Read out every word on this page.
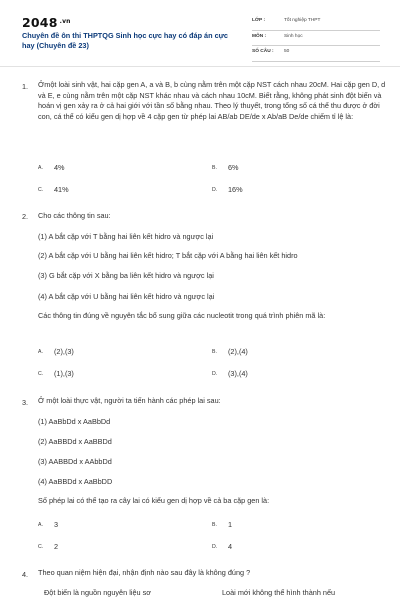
2048 $^{.vn}$
Chuyên đề ôn thi THPTQG Sinh học cực hay có đáp án cực hay (Chuyên đề 23)
LỚP :	Tốt nghiệp THPT
MÔN :	Sinh học
SỐ CÂU : 50
1. Ởmột loài sinh vật, hai cặp gen A, a và B, b cùng nằm trên một cặp NST cách nhau 20cM. Hai cặp gen D, d và E, e cùng nằm trên một cặp NST khác nhau và cách nhau 10cM. Biết rằng, không phát sinh đột biến và hoán vị gen xảy ra ở cả hai giới với tần số bằng nhau. Theo lý thuyết, trong tổng số cá thể thu được ở đời con, cá thể có kiểu gen dị hợp về 4 cặp gen từ phép lai AB/ab DE/de x Ab/aB De/de chiếm tỉ lệ là:
A. 4%	B. 6%
C. 41%	D. 16%
2. Cho các thông tin sau:
(1) A bắt cặp với T bằng hai liên kết hidro và ngược lại
(2) A bắt cặp với U bằng hai liên kết hidro; T bắt cặp với A bằng hai liên kết hidro
(3) G bắt cặp với X bằng ba liên kết hidro và ngược lại
(4) A bắt cặp với U bằng hai liên kết hidro và ngược lại
Các thông tin đúng về nguyên tắc bổ sung giữa các nucleotit trong quá trình phiên mã là:
A. (2),(3)	B. (2),(4)
C. (1),(3)	D. (3),(4)
3. Ở một loài thực vật, người ta tiến hành các phép lai sau:
(1) AaBbDd x AaBbDd
(2) AaBBDd x AaBBDd
(3) AABBDd x AAbbDd
(4) AaBBDd x AaBbDD
Số phép lai có thể tạo ra cây lai có kiểu gen dị hợp về cả ba cặp gen là:
A. 3	B. 1
C. 2	D. 4
4. Theo quan niệm hiện đại, nhận định nào sau đây là không đúng ?
Đột biến là nguồn nguyên liệu sơ	Loài mới không thể hình thành nếu
